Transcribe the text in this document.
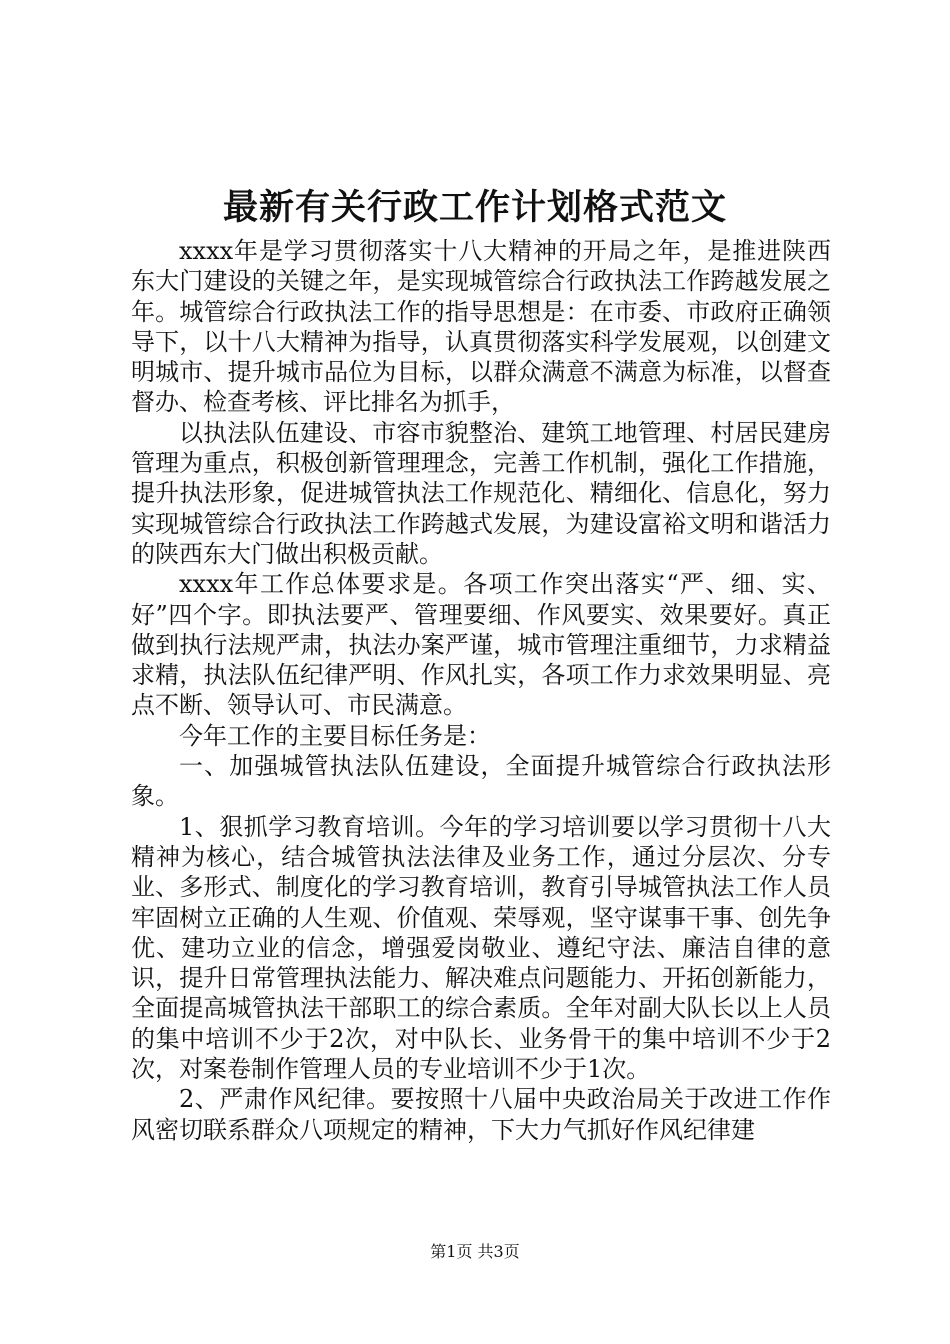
最新有关行政工作计划格式范文

xxxx年是学习贯彻落实十八大精神的开局之年，是推进陕西东大门建设的关键之年，是实现城管综合行政执法工作跨越发展之年。城管综合行政执法工作的指导思想是：在市委、市政府正确领导下，以十八大精神为指导，认真贯彻落实科学发展观，以创建文明城市、提升城市品位为目标，以群众满意不满意为标准，以督查督办、检查考核、评比排名为抓手，

以执法队伍建设、市容市貌整治、建筑工地管理、村居民建房管理为重点，积极创新管理理念，完善工作机制，强化工作措施，提升执法形象，促进城管执法工作规范化、精细化、信息化，努力实现城管综合行政执法工作跨越式发展，为建设富裕文明和谐活力的陕西东大门做出积极贡献。

xxxx年工作总体要求是。各项工作突出落实“严、细、实、好”四个字。即执法要严、管理要细、作风要实、效果要好。真正做到执行法规严肃，执法办案严谨，城市管理注重细节，力求精益求精，执法队伍纪律严明、作风扎实，各项工作力求效果明显、亮点不断、领导认可、市民满意。

今年工作的主要目标任务是：

一、加强城管执法队伍建设，全面提升城管综合行政执法形象。

1、狠抓学习教育培训。今年的学习培训要以学习贯彻十八大精神为核心，结合城管执法法律及业务工作，通过分层次、分专业、多形式、制度化的学习教育培训，教育引导城管执法工作人员牢固树立正确的人生观、价值观、荣辱观，坚守谋事干事、创先争优、建功立业的信念，增强爱岗敬业、遵纪守法、廉洁自律的意识，提升日常管理执法能力、解决难点问题能力、开拓创新能力，全面提高城管执法干部职工的综合素质。全年对副大队长以上人员的集中培训不少于2次，对中队长、业务骨干的集中培训不少于2次，对案卷制作管理人员的专业培训不少于1次。

2、严肃作风纪律。要按照十八届中央政治局关于改进工作作风密切联系群众八项规定的精神，下大力气抓好作风纪律建

第1页 共3页
